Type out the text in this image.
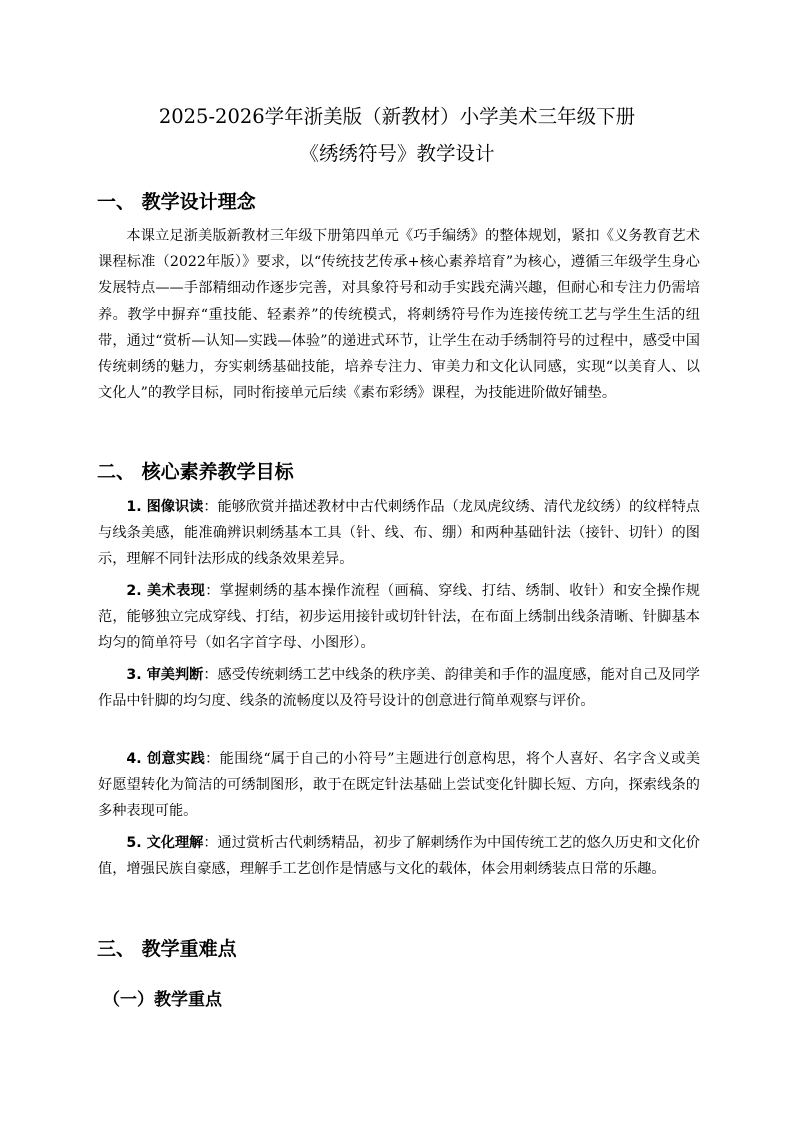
2025-2026学年浙美版（新教材）小学美术三年级下册
《绣绣符号》教学设计
一、 教学设计理念
本课立足浙美版新教材三年级下册第四单元《巧手编绣》的整体规划，紧扣《义务教育艺术课程标准（2022年版）》要求，以“传统技艺传承+核心素养培育”为核心，遵循三年级学生身心发展特点——手部精细动作逐步完善，对具象符号和动手实践充满兴趣，但耐心和专注力仍需培养。教学中摒弃“重技能、轻素养”的传统模式，将刺绣符号作为连接传统工艺与学生生活的纽带，通过“赏析—认知—实践—体验”的递进式环节，让学生在动手绣制符号的过程中，感受中国传统刺绣的魅力，夯实刺绣基础技能，培养专注力、审美力和文化认同感，实现“以美育人、以文化人”的教学目标，同时衔接单元后续《素布彩绣》课程，为技能进阶做好铺垫。
二、 核心素养教学目标
1. 图像识读：能够欣赏并描述教材中古代刺绣作品（龙凤虎纹绣、清代龙纹绣）的纹样特点与线条美感，能准确辨识刺绣基本工具（针、线、布、绷）和两种基础针法（接针、切针）的图示，理解不同针法形成的线条效果差异。
2. 美术表现：掌握刺绣的基本操作流程（画稿、穿线、打结、绣制、收针）和安全操作规范，能够独立完成穿线、打结，初步运用接针或切针针法，在布面上绣制出线条清晰、针脚基本均匀的简单符号（如名字首字母、小图形）。
3. 审美判断：感受传统刺绣工艺中线条的秩序美、韵律美和手作的温度感，能对自己及同学作品中针脚的均匀度、线条的流畅度以及符号设计的创意进行简单观察与评价。
4. 创意实践：能围绕“属于自己的小符号”主题进行创意构思，将个人喜好、名字含义或美好愿望转化为简洁的可绣制图形，敢于在既定针法基础上尝试变化针脚长短、方向，探索线条的多种表现可能。
5. 文化理解：通过赏析古代刺绣精品，初步了解刺绣作为中国传统工艺的悠久历史和文化价值，增强民族自豪感，理解手工艺创作是情感与文化的载体，体会用刺绣装点日常的乐趣。
三、 教学重难点
（一）教学重点
